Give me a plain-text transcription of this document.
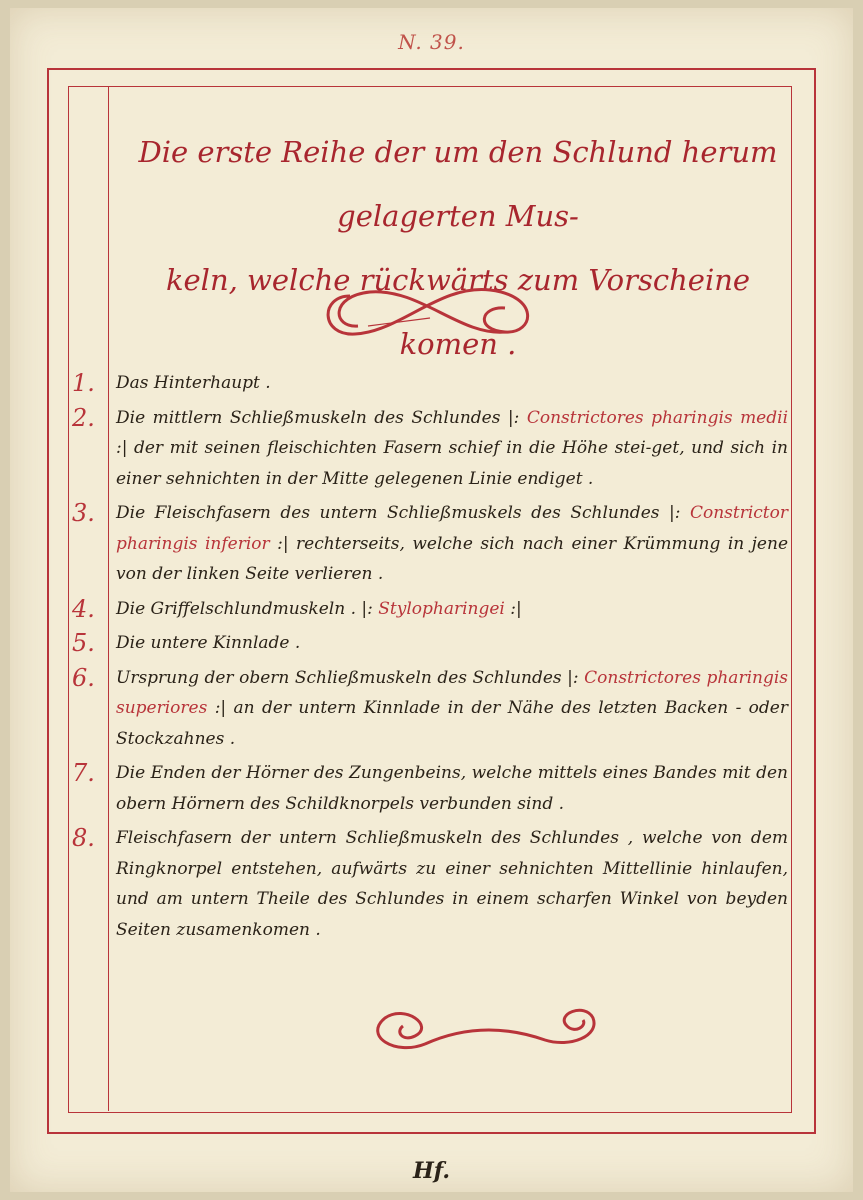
N. 39.
Die erste Reihe der um den Schlund herum gelagerten Mus-
keln, welche rückwärts zum Vorscheine komen .
1.	Das Hinterhaupt .
2.	Die mittlern Schließmuskeln des Schlundes |: Constrictores pharingis medii :| der mit seinen fleischichten Fasern schief in die Höhe stei-get, und sich in einer sehnichten in der Mitte gelegenen Linie endiget .
3.	Die Fleischfasern des untern Schließmuskels des Schlundes |: Constrictor pharingis inferior :| rechterseits, welche sich nach einer Krümmung in jene von der linken Seite verlieren .
4.	Die Griffelschlundmuskeln . |: Stylopharingei :|
5.	Die untere Kinnlade .
6.	Ursprung der obern Schließmuskeln des Schlundes |: Constrictores pharingis superiores :| an der untern Kinnlade in der Nähe des letzten Backen - oder Stockzahnes .
7.	Die Enden der Hörner des Zungenbeins, welche mittels eines Bandes mit den obern Hörnern des Schildknorpels verbunden sind .
8.	Fleischfasern der untern Schließmuskeln des Schlundes , welche von dem Ringknorpel entstehen, aufwärts zu einer sehnichten Mittellinie hinlaufen, und am untern Theile des Schlundes in einem scharfen Winkel von beyden Seiten zusamenkomen .
Hf.
